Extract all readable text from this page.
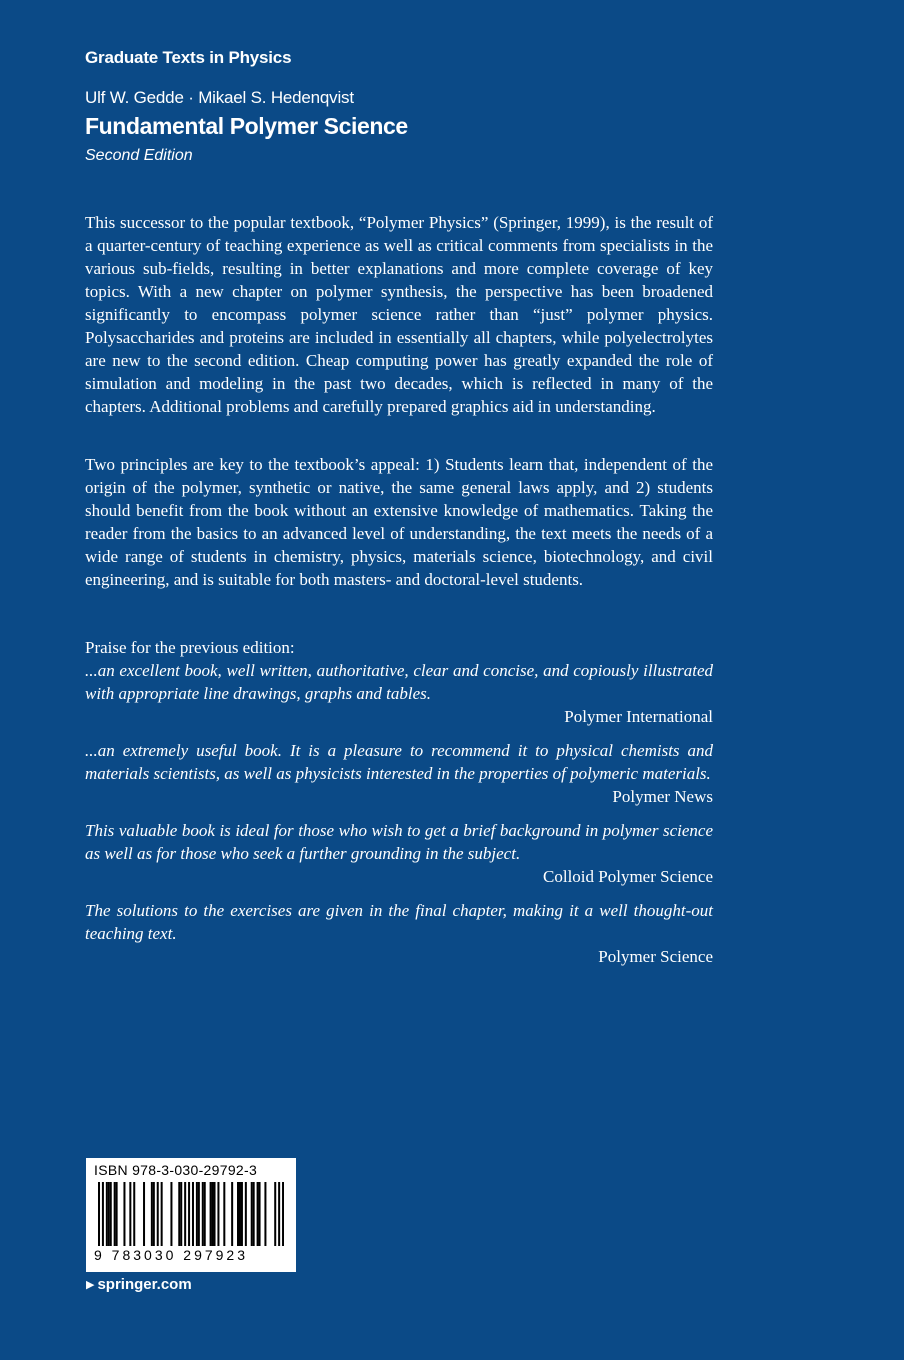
Graduate Texts in Physics
Ulf W. Gedde · Mikael S. Hedenqvist
Fundamental Polymer Science
Second Edition

This successor to the popular textbook, “Polymer Physics” (Springer, 1999), is the result of a quarter-century of teaching experience as well as critical comments from specialists in the various sub-fields, resulting in better explanations and more complete coverage of key topics. With a new chapter on polymer synthesis, the perspective has been broadened significantly to encompass polymer science rather than “just” polymer physics. Polysaccharides and proteins are included in essentially all chapters, while polyelectrolytes are new to the second edition. Cheap computing power has greatly expanded the role of simulation and modeling in the past two decades, which is reflected in many of the chapters. Additional problems and carefully prepared graphics aid in understanding.

Two principles are key to the textbook’s appeal: 1) Students learn that, independent of the origin of the polymer, synthetic or native, the same general laws apply, and 2) students should benefit from the book without an extensive knowledge of mathematics. Taking the reader from the basics to an advanced level of understanding, the text meets the needs of a wide range of students in chemistry, physics, materials science, biotechnology, and civil engineering, and is suitable for both masters- and doctoral-level students.

Praise for the previous edition:

...an excellent book, well written, authoritative, clear and concise, and copiously illustrated with appropriate line drawings, graphs and tables.

Polymer International

...an extremely useful book. It is a pleasure to recommend it to physical chemists and materials scientists, as well as physicists interested in the properties of polymeric materials.

Polymer News

This valuable book is ideal for those who wish to get a brief background in polymer science as well as for those who seek a further grounding in the subject.

Colloid Polymer Science

The solutions to the exercises are given in the final chapter, making it a well thought-out teaching text.

Polymer Science
ISBN 978-3-030-29792-3
9 783030 297923
▶ springer.com
